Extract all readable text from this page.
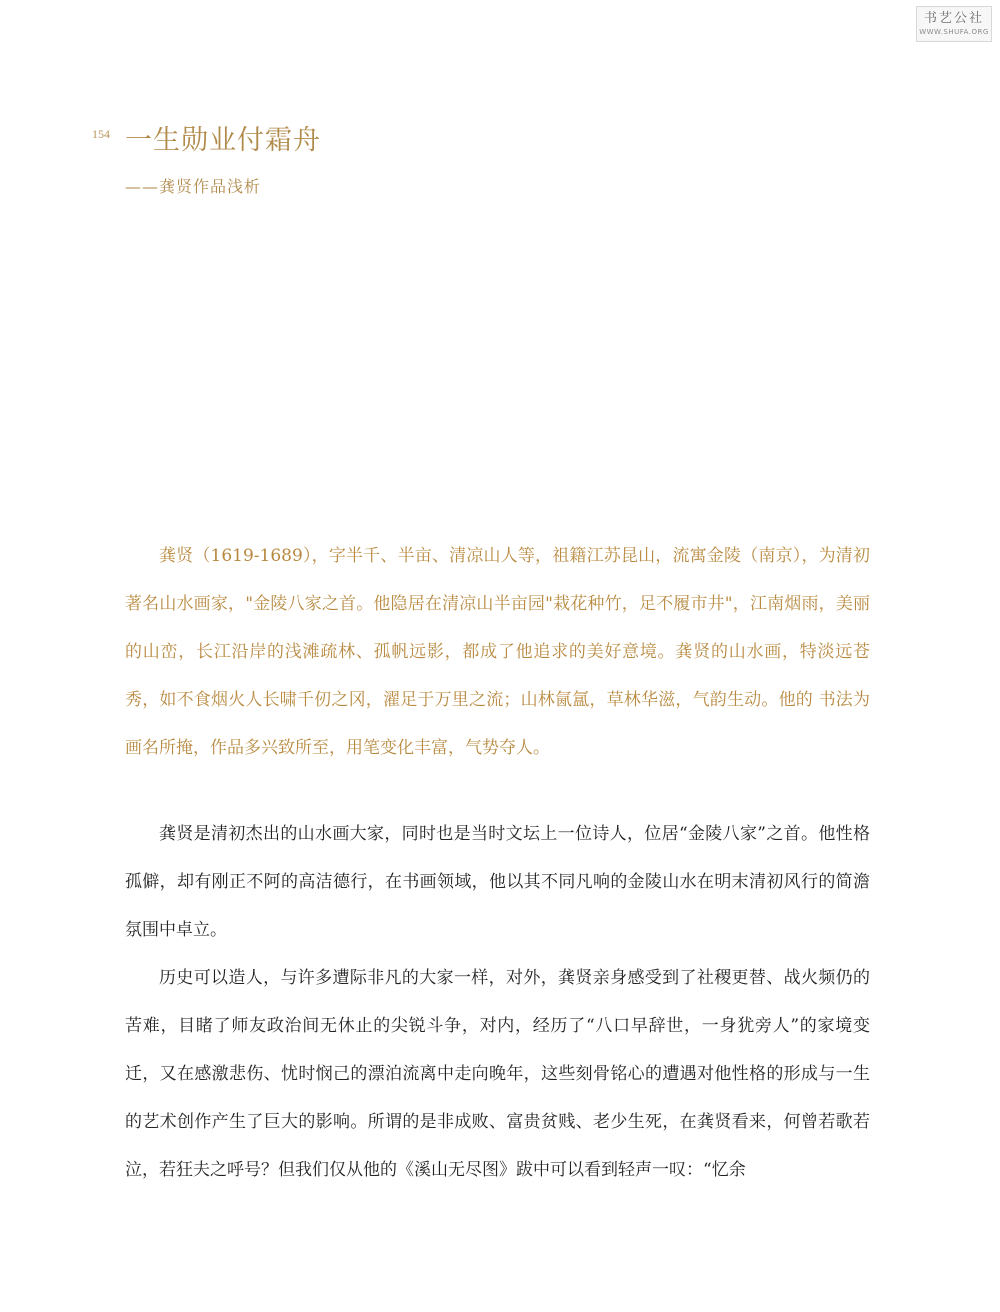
书艺公社
WWW.SHUFA.ORG
154 一生勋业付霜舟
——龚贤作品浅析

龚贤（1619-1689），字半千、半亩、清凉山人等，祖籍江苏昆山，流寓金陵（南京），为清初著名山水画家，"金陵八家之首。他隐居在清凉山半亩园"栽花种竹，足不履市井"，江南烟雨，美丽的山峦，长江沿岸的浅滩疏林、孤帆远影，都成了他追求的美好意境。龚贤的山水画，特淡远苍秀，如不食烟火人长啸千仞之冈，濯足于万里之流；山林氤氲，草林华滋，气韵生动。他的 书法为画名所掩，作品多兴致所至，用笔变化丰富，气势夺人。

龚贤是清初杰出的山水画大家，同时也是当时文坛上一位诗人，位居“金陵八家”之首。他性格孤僻，却有刚正不阿的高洁德行，在书画领域，他以其不同凡响的金陵山水在明末清初风行的简澹氛围中卓立。

历史可以造人，与许多遭际非凡的大家一样，对外，龚贤亲身感受到了社稷更替、战火频仍的苦难，目睹了师友政治间无休止的尖锐斗争，对内，经历了“八口早辞世，一身犹旁人”的家境变迁，又在感激悲伤、忧时悯己的漂泊流离中走向晚年，这些刻骨铭心的遭遇对他性格的形成与一生的艺术创作产生了巨大的影响。所谓的是非成败、富贵贫贱、老少生死，在龚贤看来，何曾若歌若泣，若狂夫之呼号？但我们仅从他的《溪山无尽图》跋中可以看到轻声一叹：“忆余
